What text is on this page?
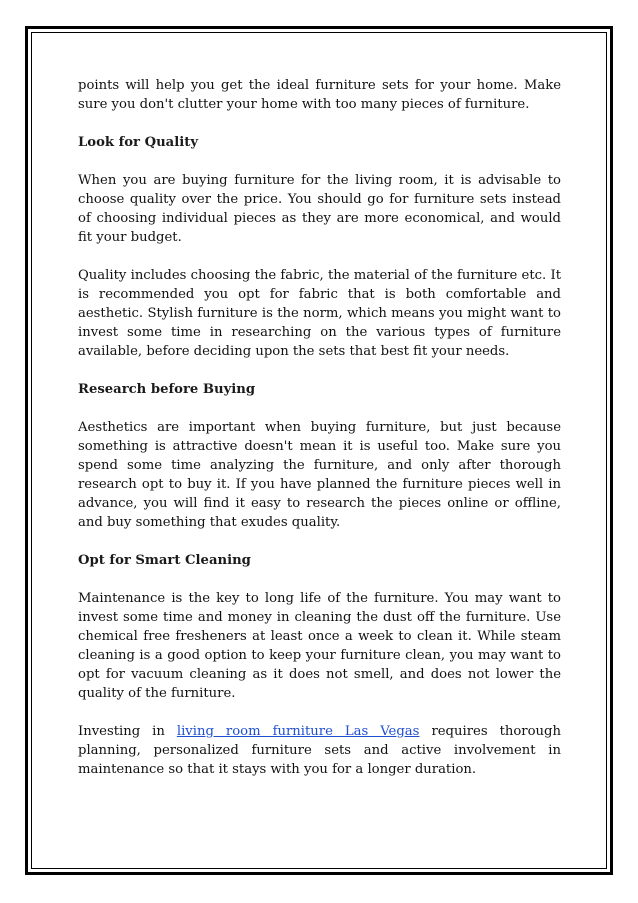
points will help you get the ideal furniture sets for your home. Make sure you don't clutter your home with too many pieces of furniture.

Look for Quality

When you are buying furniture for the living room, it is advisable to choose quality over the price. You should go for furniture sets instead of choosing individual pieces as they are more economical, and would fit your budget.

Quality includes choosing the fabric, the material of the furniture etc. It is recommended you opt for fabric that is both comfortable and aesthetic. Stylish furniture is the norm, which means you might want to invest some time in researching on the various types of furniture available, before deciding upon the sets that best fit your needs.

Research before Buying

Aesthetics are important when buying furniture, but just because something is attractive doesn't mean it is useful too. Make sure you spend some time analyzing the furniture, and only after thorough research opt to buy it. If you have planned the furniture pieces well in advance, you will find it easy to research the pieces online or offline, and buy something that exudes quality.

Opt for Smart Cleaning

Maintenance is the key to long life of the furniture. You may want to invest some time and money in cleaning the dust off the furniture. Use chemical free fresheners at least once a week to clean it. While steam cleaning is a good option to keep your furniture clean, you may want to opt for vacuum cleaning as it does not smell, and does not lower the quality of the furniture.

Investing in living room furniture Las Vegas requires thorough planning, personalized furniture sets and active involvement in maintenance so that it stays with you for a longer duration.
